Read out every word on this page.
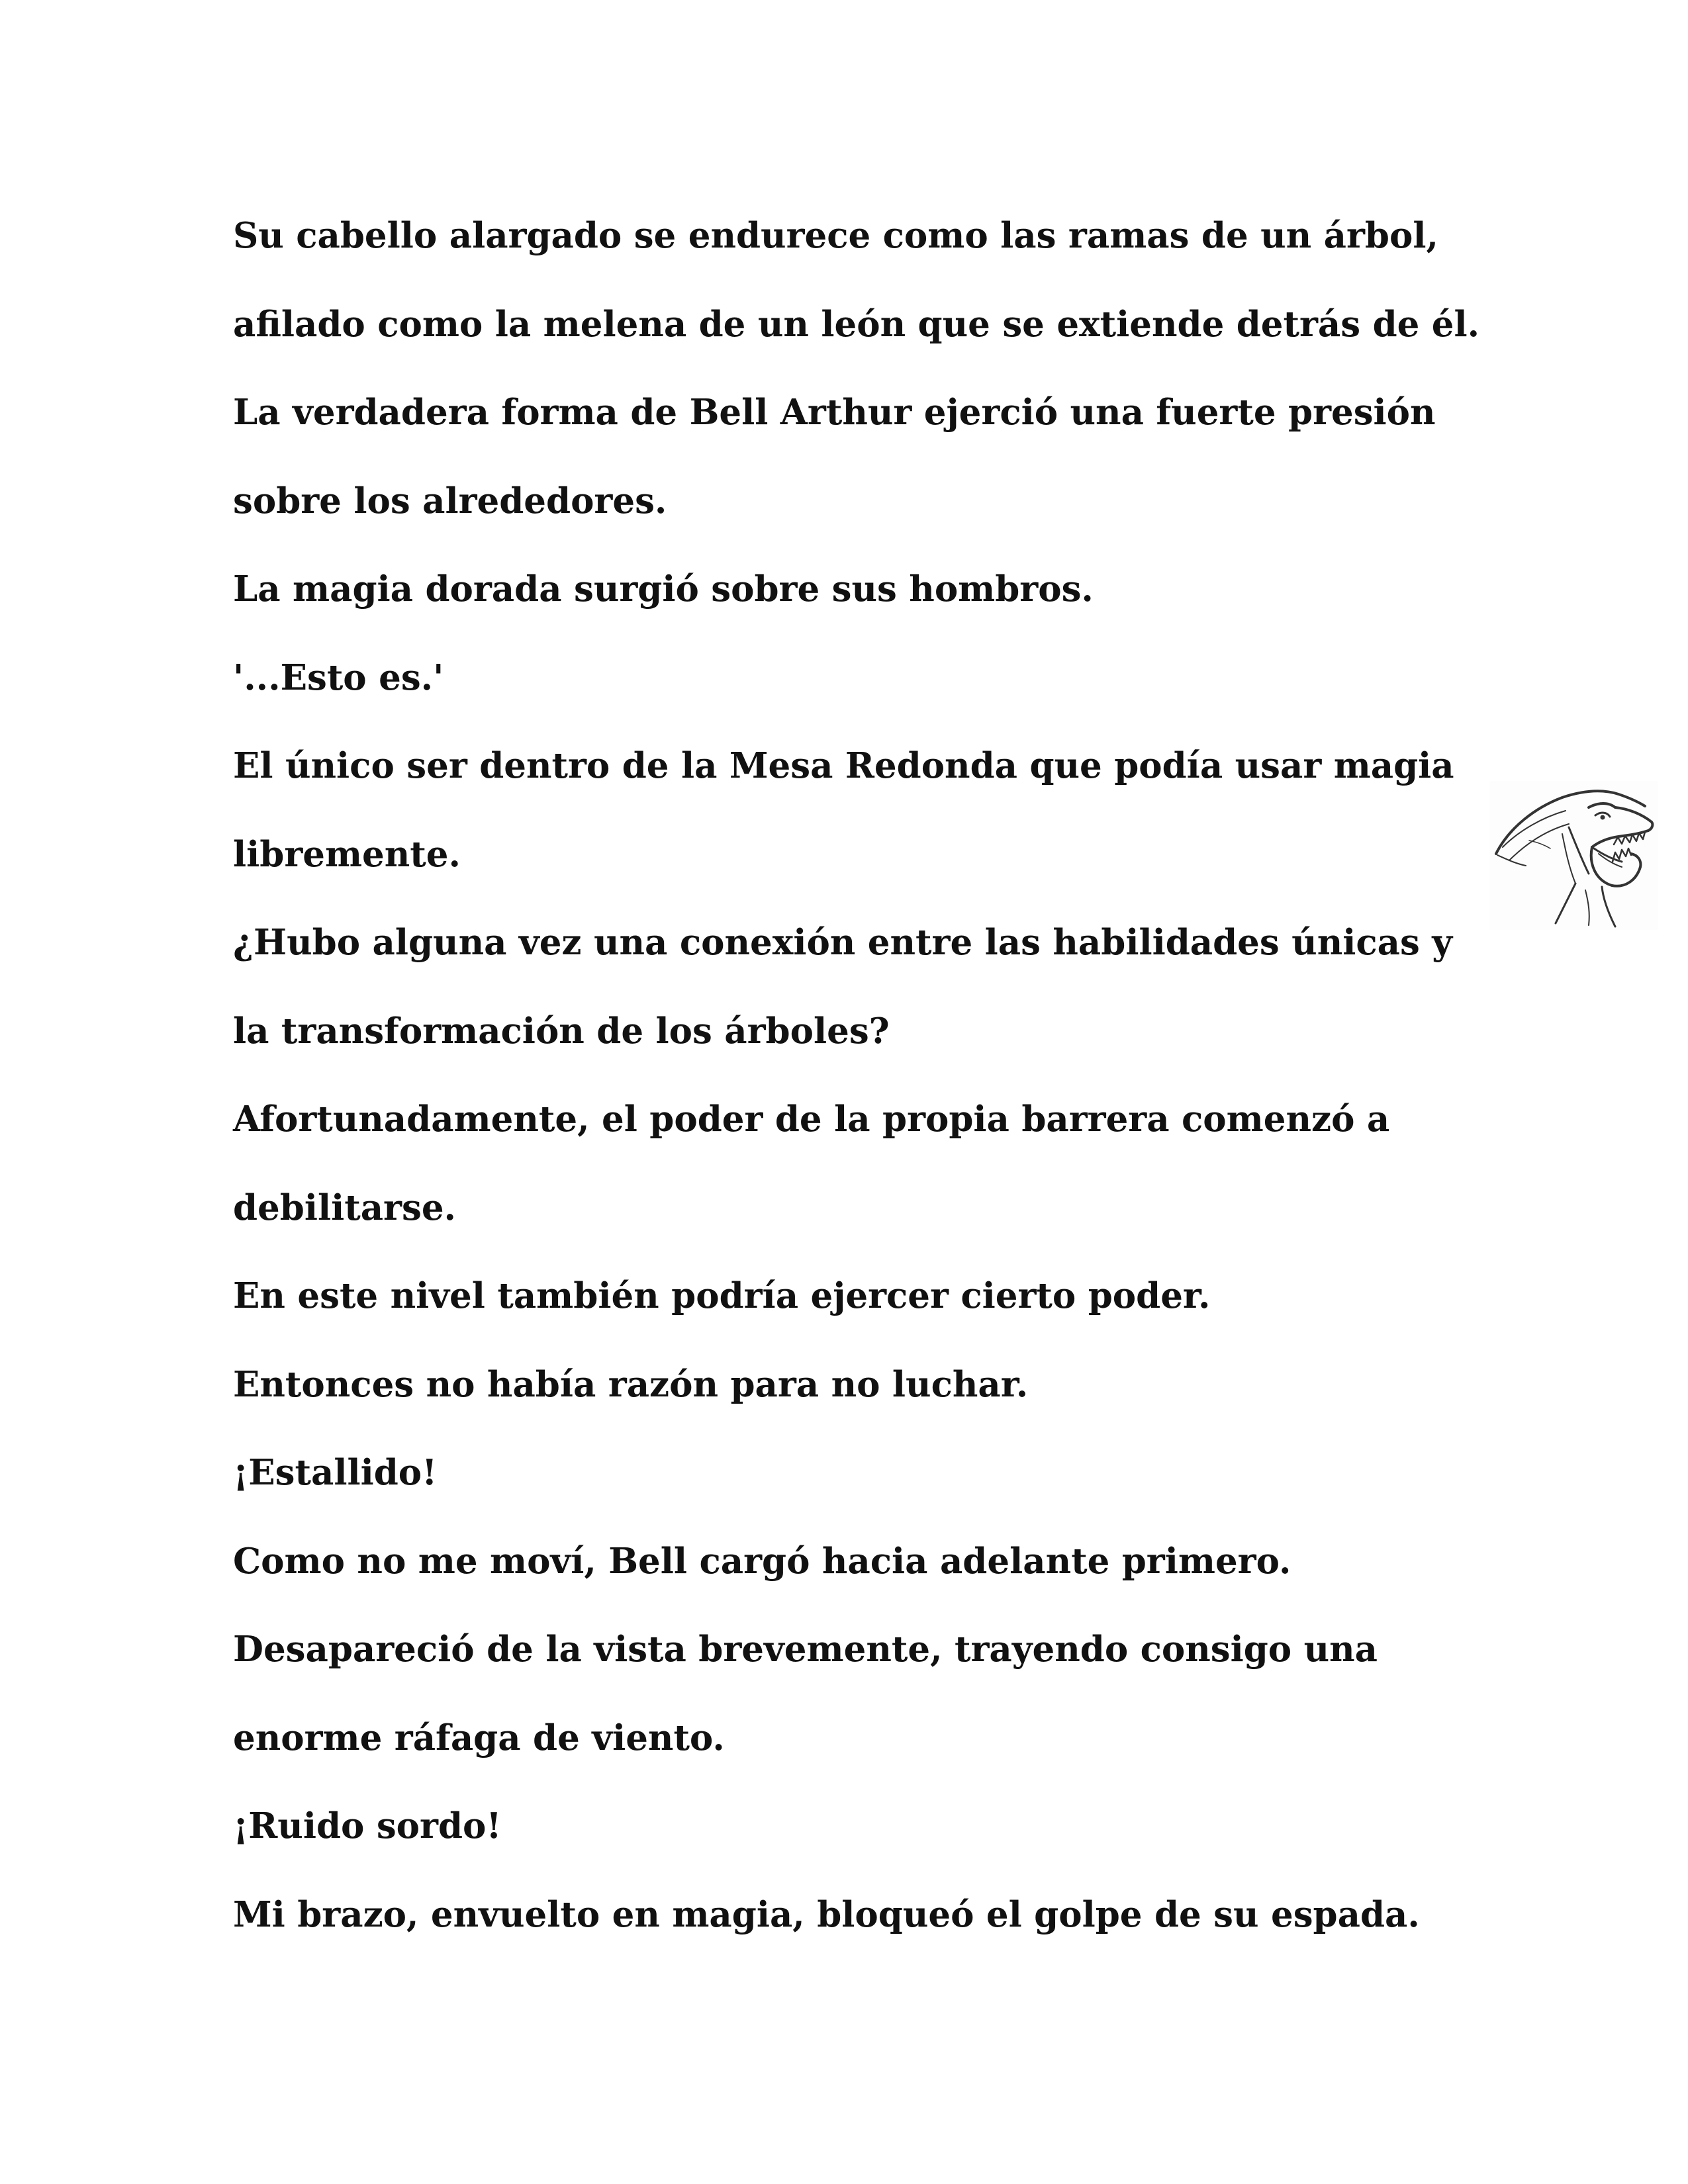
Su cabello alargado se endurece como las ramas de un árbol,
afilado como la melena de un león que se extiende detrás de él.
La verdadera forma de Bell Arthur ejerció una fuerte presión
sobre los alrededores.
La magia dorada surgió sobre sus hombros.
'...Esto es.'
El único ser dentro de la Mesa Redonda que podía usar magia
libremente.
¿Hubo alguna vez una conexión entre las habilidades únicas y
la transformación de los árboles?
Afortunadamente, el poder de la propia barrera comenzó a
debilitarse.
En este nivel también podría ejercer cierto poder.
Entonces no había razón para no luchar.
¡Estallido!
Como no me moví, Bell cargó hacia adelante primero.
Desapareció de la vista brevemente, trayendo consigo una
enorme ráfaga de viento.
¡Ruido sordo!
Mi brazo, envuelto en magia, bloqueó el golpe de su espada.
